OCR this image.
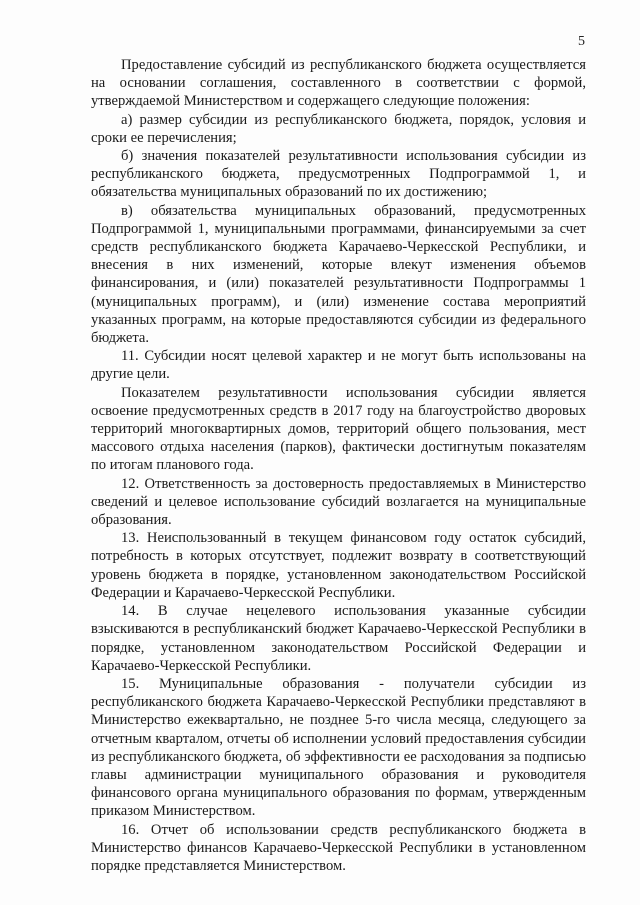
5

Предоставление субсидий из республиканского бюджета осуществляется на основании соглашения, составленного в соответствии с формой, утверждаемой Министерством и содержащего следующие положения:

а) размер субсидии из республиканского бюджета, порядок, условия и сроки ее перечисления;

б) значения показателей результативности использования субсидии из республиканского бюджета, предусмотренных Подпрограммой 1, и обязательства муниципальных образований по их достижению;

в) обязательства муниципальных образований, предусмотренных Подпрограммой 1, муниципальными программами, финансируемыми за счет средств республиканского бюджета Карачаево-Черкесской Республики, и внесения в них изменений, которые влекут изменения объемов финансирования, и (или) показателей результативности Подпрограммы 1 (муниципальных программ), и (или) изменение состава мероприятий указанных программ, на которые предоставляются субсидии из федерального бюджета.

11. Субсидии носят целевой характер и не могут быть использованы на другие цели.

Показателем результативности использования субсидии является освоение предусмотренных средств в 2017 году на благоустройство дворовых территорий многоквартирных домов, территорий общего пользования, мест массового отдыха населения (парков), фактически достигнутым показателям по итогам планового года.

12. Ответственность за достоверность предоставляемых в Министерство сведений и целевое использование субсидий возлагается на муниципальные образования.

13. Неиспользованный в текущем финансовом году остаток субсидий, потребность в которых отсутствует, подлежит возврату в соответствующий уровень бюджета в порядке, установленном законодательством Российской Федерации и Карачаево-Черкесской Республики.

14. В случае нецелевого использования указанные субсидии взыскиваются в республиканский бюджет Карачаево-Черкесской Республики в порядке, установленном законодательством Российской Федерации и Карачаево-Черкесской Республики.

15. Муниципальные образования - получатели субсидии из республиканского бюджета Карачаево-Черкесской Республики представляют в Министерство ежеквартально, не позднее 5-го числа месяца, следующего за отчетным кварталом, отчеты об исполнении условий предоставления субсидии из республиканского бюджета, об эффективности ее расходования за подписью главы администрации муниципального образования и руководителя финансового органа муниципального образования по формам, утвержденным приказом Министерством.

16. Отчет об использовании средств республиканского бюджета в Министерство финансов Карачаево-Черкесской Республики в установленном порядке представляется Министерством.
